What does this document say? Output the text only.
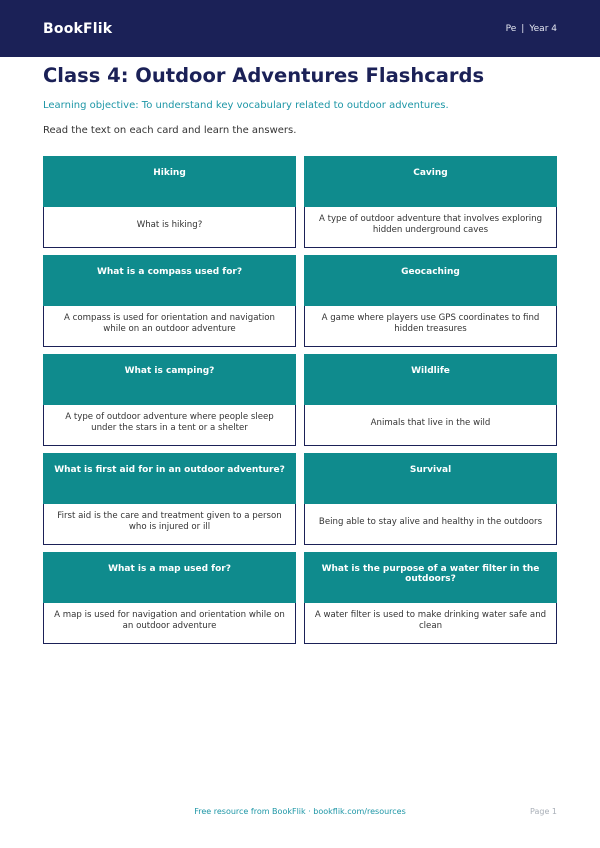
BookFlik	Pe | Year 4
Class 4: Outdoor Adventures Flashcards
Learning objective: To understand key vocabulary related to outdoor adventures.
Read the text on each card and learn the answers.
Hiking
What is hiking?
Caving
A type of outdoor adventure that involves exploring hidden underground caves
What is a compass used for?
A compass is used for orientation and navigation while on an outdoor adventure
Geocaching
A game where players use GPS coordinates to find hidden treasures
What is camping?
A type of outdoor adventure where people sleep under the stars in a tent or a shelter
Wildlife
Animals that live in the wild
What is first aid for in an outdoor adventure?
First aid is the care and treatment given to a person who is injured or ill
Survival
Being able to stay alive and healthy in the outdoors
What is a map used for?
A map is used for navigation and orientation while on an outdoor adventure
What is the purpose of a water filter in the outdoors?
A water filter is used to make drinking water safe and clean
Free resource from BookFlik · bookflik.com/resources	Page 1
